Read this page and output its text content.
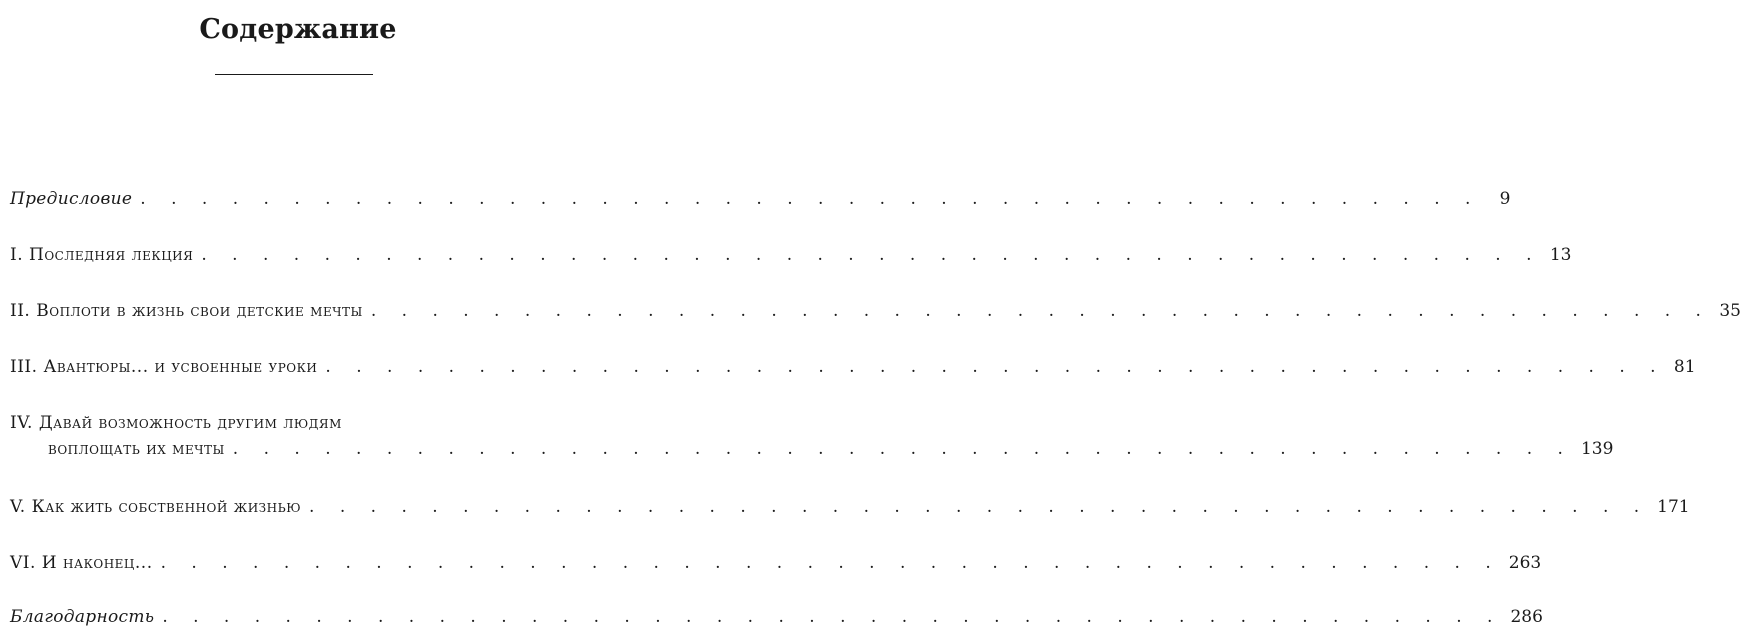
Содержание
Предисловие . . . . . . . . . . . . . . . . . . . . . . . . . . . . . . . . . . . . . . . . . . . .	9
I. Последняя лекция . . . . . . . . . . . . . . . . . . . . . . . . . . . . . . . . . . . . . . . . . . . . 13
II. Воплоти в жизнь свои детские мечты . . . . . . . . . . . . . . . . . . . . . . . . . . . . . . . . . . . . . . . . . . . . 35
III. Авантюры... и усвоенные уроки . . . . . . . . . . . . . . . . . . . . . . . . . . . . . . . . . . . . . . . . . . . . 81
IV. Давай возможность другим людям
воплощать их мечты . . . . . . . . . . . . . . . . . . . . . . . . . . . . . . . . . . . . . . . . . . . . 139
V. Как жить собственной жизнью . . . . . . . . . . . . . . . . . . . . . . . . . . . . . . . . . . . . . . . . . . . . 171
VI. И наконец... . . . . . . . . . . . . . . . . . . . . . . . . . . . . . . . . . . . . . . . . . . . . 263
Благодарность . . . . . . . . . . . . . . . . . . . . . . . . . . . . . . . . . . . . . . . . . . . . 286
